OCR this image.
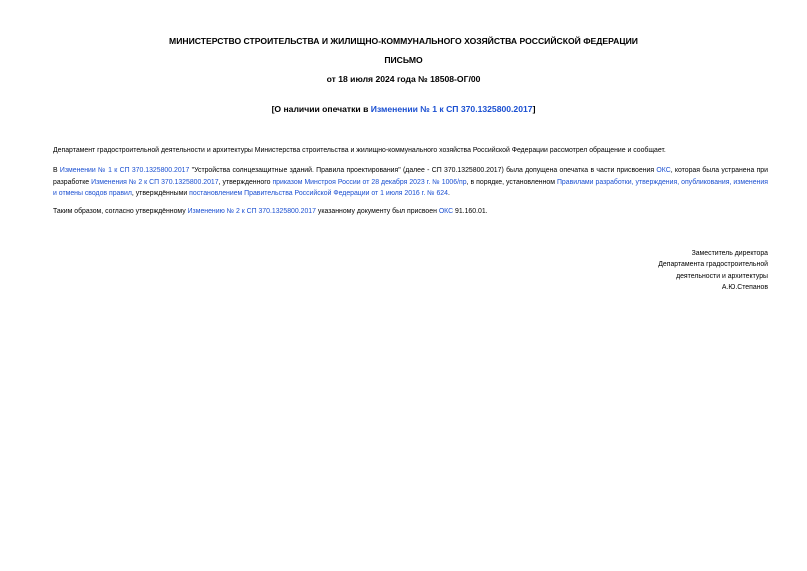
МИНИСТЕРСТВО СТРОИТЕЛЬСТВА И ЖИЛИЩНО-КОММУНАЛЬНОГО ХОЗЯЙСТВА РОССИЙСКОЙ ФЕДЕРАЦИИ
ПИСЬМО
от 18 июля 2024 года № 18508-ОГ/00
[О наличии опечатки в Изменении № 1 к СП 370.1325800.2017]
Департамент градостроительной деятельности и архитектуры Министерства строительства и жилищно-коммунального хозяйства Российской Федерации рассмотрел обращение и сообщает.
В Изменении № 1 к СП 370.1325800.2017 "Устройства солнцезащитные зданий. Правила проектирования" (далее - СП 370.1325800.2017) была допущена опечатка в части присвоения ОКС, которая была устранена при разработке Изменения № 2 к СП 370.1325800.2017, утвержденного приказом Минстроя России от 28 декабря 2023 г. № 1006/пр, в порядке, установленном Правилами разработки, утверждения, опубликования, изменения и отмены сводов правил, утверждёнными постановлением Правительства Российской Федерации от 1 июля 2016 г. № 624.
Таким образом, согласно утверждённому Изменению № 2 к СП 370.1325800.2017 указанному документу был присвоен ОКС 91.160.01.
Заместитель директора
Департамента градостроительной
деятельности и архитектуры
А.Ю.Степанов
